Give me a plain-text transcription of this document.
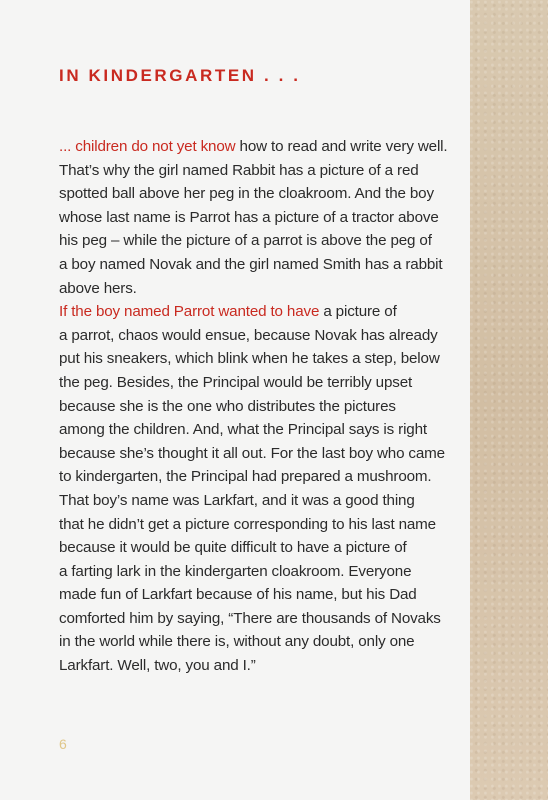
IN KINDERGARTEN . . .
... children do not yet know how to read and write very well.
That’s why the girl named Rabbit has a picture of a red
spotted ball above her peg in the cloakroom. And the boy
whose last name is Parrot has a picture of a tractor above
his peg – while the picture of a parrot is above the peg of
a boy named Novak and the girl named Smith has a rabbit
above hers.
If the boy named Parrot wanted to have a picture of
a parrot, chaos would ensue, because Novak has already
put his sneakers, which blink when he takes a step, below
the peg. Besides, the Principal would be terribly upset
because she is the one who distributes the pictures
among the children. And, what the Principal says is right
because she’s thought it all out. For the last boy who came
to kindergarten, the Principal had prepared a mushroom.
That boy’s name was Larkfart, and it was a good thing
that he didn’t get a picture corresponding to his last name
because it would be quite difficult to have a picture of
a farting lark in the kindergarten cloakroom. Everyone
made fun of Larkfart because of his name, but his Dad
comforted him by saying, “There are thousands of Novaks
in the world while there is, without any doubt, only one
Larkfart. Well, two, you and I.”
6
